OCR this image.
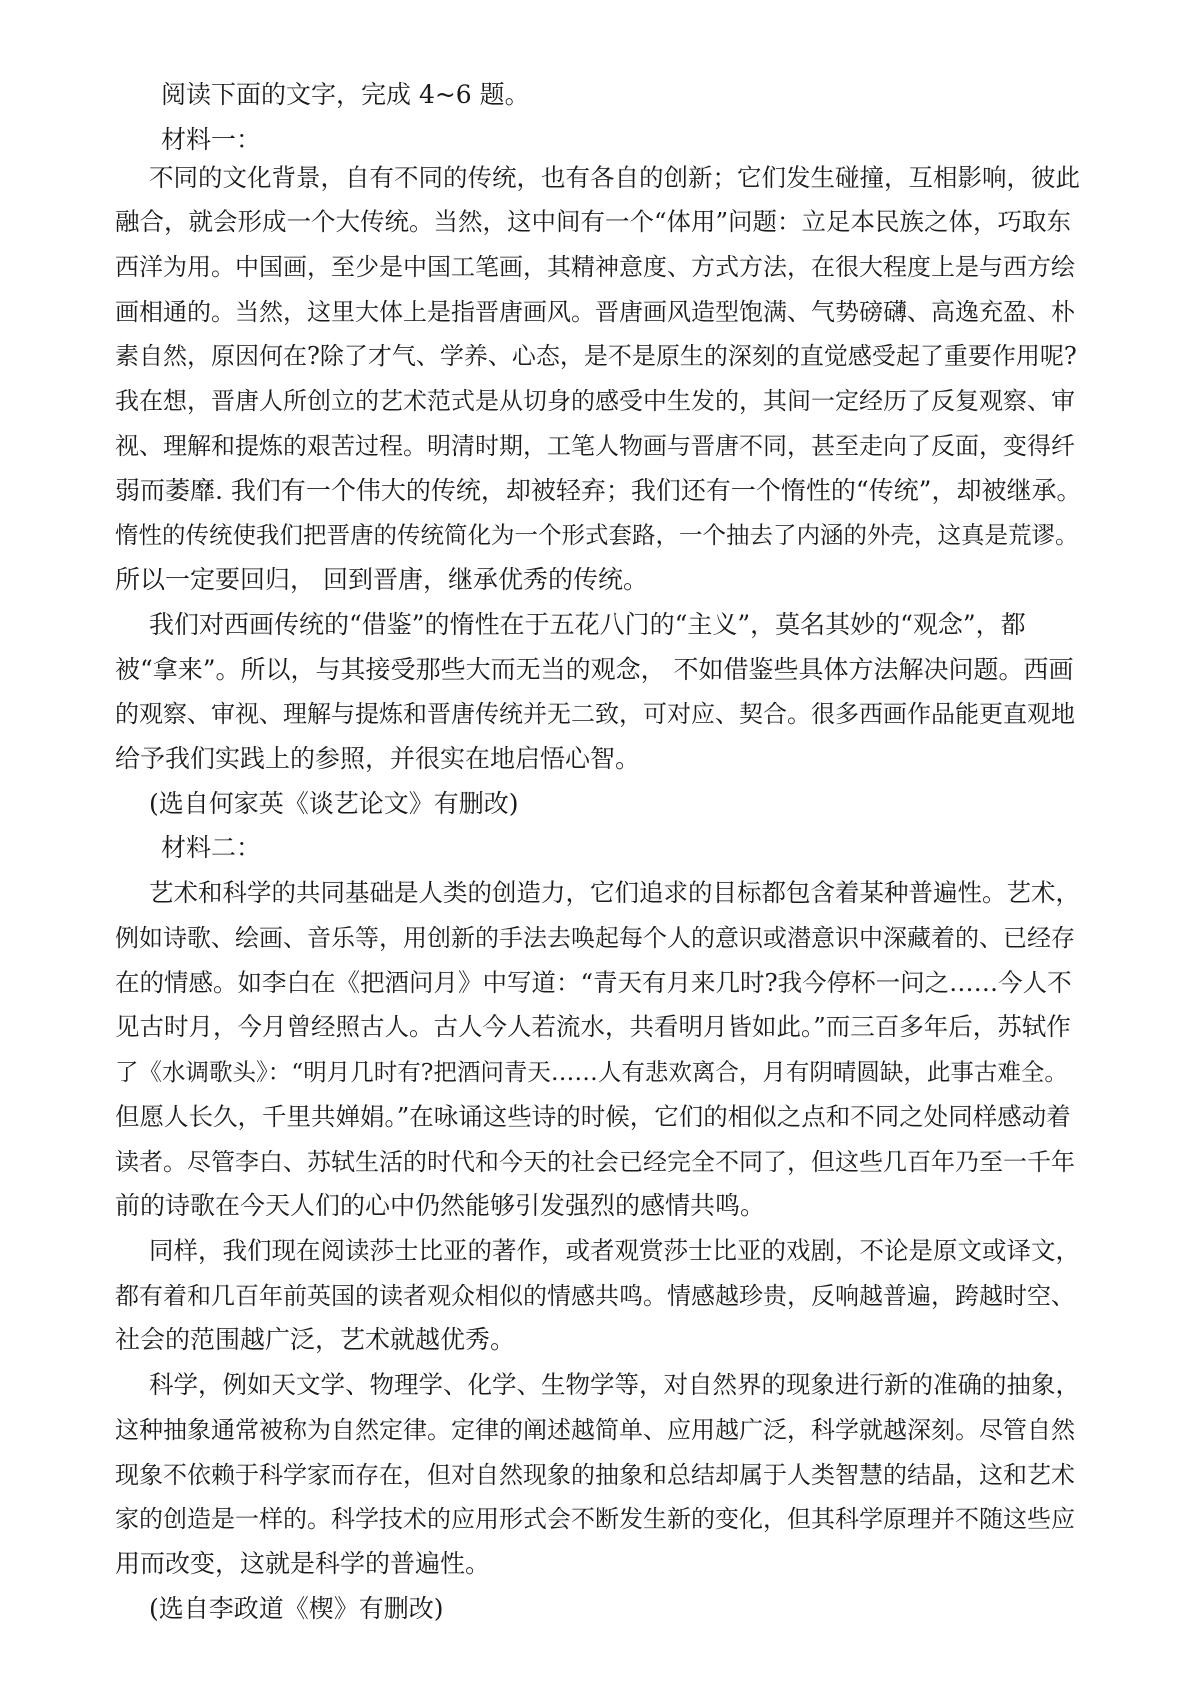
阅读下面的文字，完成 4~6 题。
材料一：
不同的文化背景，自有不同的传统，也有各自的创新；它们发生碰撞，互相影响，彼此
融合，就会形成一个大传统。当然，这中间有一个“体用”问题：立足本民族之体，巧取东
西洋为用。中国画，至少是中国工笔画，其精神意度、方式方法，在很大程度上是与西方绘
画相通的。当然，这里大体上是指晋唐画风。晋唐画风造型饱满、气势磅礴、高逸充盈、朴
素自然，原因何在?除了才气、学养、心态，是不是原生的深刻的直觉感受起了重要作用呢?
我在想，晋唐人所创立的艺术范式是从切身的感受中生发的，其间一定经历了反复观察、审
视、理解和提炼的艰苦过程。明清时期，工笔人物画与晋唐不同，甚至走向了反面，变得纤
弱而萎靡. 我们有一个伟大的传统，却被轻弃；我们还有一个惰性的“传统”，却被继承。
惰性的传统使我们把晋唐的传统简化为一个形式套路，一个抽去了内涵的外壳，这真是荒谬。
所以一定要回归， 回到晋唐，继承优秀的传统。
我们对西画传统的“借鉴”的惰性在于五花八门的“主义”，莫名其妙的“观念”，都
被“拿来”。所以，与其接受那些大而无当的观念， 不如借鉴些具体方法解决问题。西画
的观察、审视、理解与提炼和晋唐传统并无二致，可对应、契合。很多西画作品能更直观地
给予我们实践上的参照，并很实在地启悟心智。
(选自何家英《谈艺论文》有删改)
材料二：
艺术和科学的共同基础是人类的创造力，它们追求的目标都包含着某种普遍性。艺术，
例如诗歌、绘画、音乐等，用创新的手法去唤起每个人的意识或潜意识中深藏着的、已经存
在的情感。如李白在《把酒问月》中写道：“青天有月来几时?我今停杯一问之……今人不
见古时月，今月曾经照古人。古人今人若流水，共看明月皆如此。”而三百多年后，苏轼作
了《水调歌头》：“明月几时有?把酒问青天……人有悲欢离合，月有阴晴圆缺，此事古难全。
但愿人长久，千里共婵娟。”在咏诵这些诗的时候，它们的相似之点和不同之处同样感动着
读者。尽管李白、苏轼生活的时代和今天的社会已经完全不同了，但这些几百年乃至一千年
前的诗歌在今天人们的心中仍然能够引发强烈的感情共鸣。
同样，我们现在阅读莎士比亚的著作，或者观赏莎士比亚的戏剧，不论是原文或译文，
都有着和几百年前英国的读者观众相似的情感共鸣。情感越珍贵，反响越普遍，跨越时空、
社会的范围越广泛，艺术就越优秀。
科学，例如天文学、物理学、化学、生物学等，对自然界的现象进行新的准确的抽象，
这种抽象通常被称为自然定律。定律的阐述越简单、应用越广泛，科学就越深刻。尽管自然
现象不依赖于科学家而存在，但对自然现象的抽象和总结却属于人类智慧的结晶，这和艺术
家的创造是一样的。科学技术的应用形式会不断发生新的变化，但其科学原理并不随这些应
用而改变，这就是科学的普遍性。
(选自李政道《楔》有删改)
